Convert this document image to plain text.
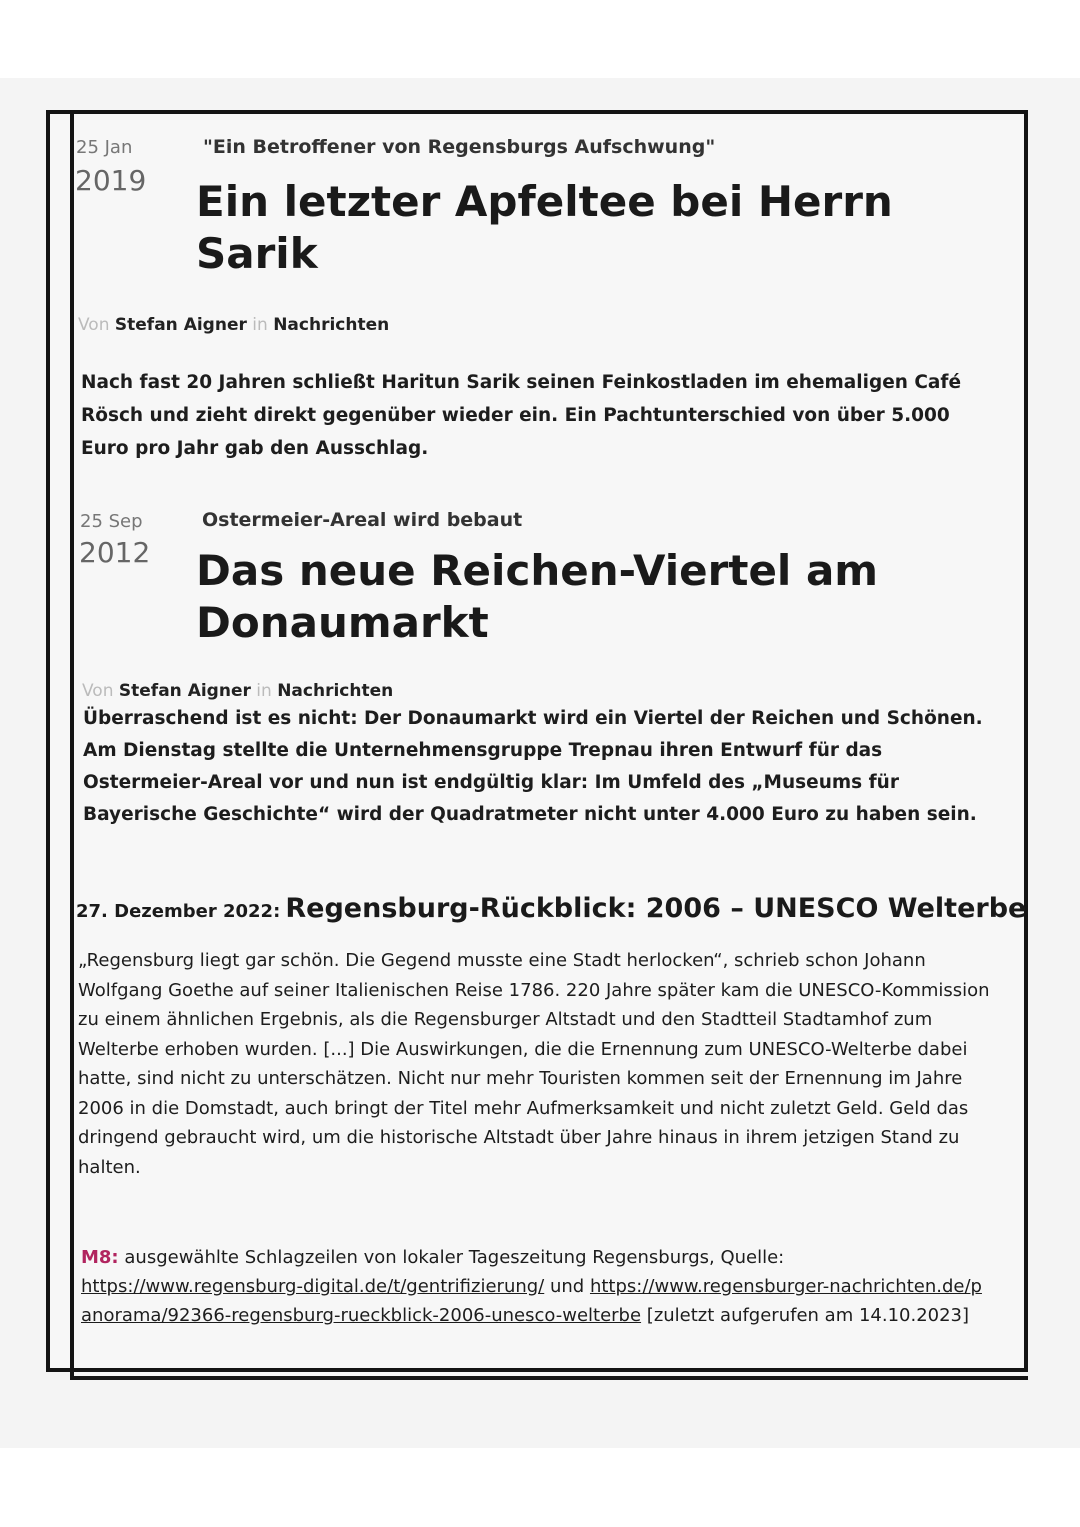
25 Jan
2019
"Ein Betroffener von Regensburgs Aufschwung"
Ein letzter Apfeltee bei Herrn Sarik
Von Stefan Aigner in Nachrichten
Nach fast 20 Jahren schließt Haritun Sarik seinen Feinkostladen im ehemaligen Café Rösch und zieht direkt gegenüber wieder ein. Ein Pachtunterschied von über 5.000 Euro pro Jahr gab den Ausschlag.
25 Sep
2012
Ostermeier-Areal wird bebaut
Das neue Reichen-Viertel am Donaumarkt
Von Stefan Aigner in Nachrichten
Überraschend ist es nicht: Der Donaumarkt wird ein Viertel der Reichen und Schönen. Am Dienstag stellte die Unternehmensgruppe Trepnau ihren Entwurf für das Ostermeier-Areal vor und nun ist endgültig klar: Im Umfeld des „Museums für Bayerische Geschichte“ wird der Quadratmeter nicht unter 4.000 Euro zu haben sein.
27. Dezember 2022: Regensburg-Rückblick: 2006 – UNESCO Welterbe
„Regensburg liegt gar schön. Die Gegend musste eine Stadt herlocken“, schrieb schon Johann Wolfgang Goethe auf seiner Italienischen Reise 1786. 220 Jahre später kam die UNESCO-Kommission zu einem ähnlichen Ergebnis, als die Regensburger Altstadt und den Stadtteil Stadtamhof zum Welterbe erhoben wurden. [...] Die Auswirkungen, die die Ernennung zum UNESCO-Welterbe dabei hatte, sind nicht zu unterschätzen. Nicht nur mehr Touristen kommen seit der Ernennung im Jahre 2006 in die Domstadt, auch bringt der Titel mehr Aufmerksamkeit und nicht zuletzt Geld. Geld das dringend gebraucht wird, um die historische Altstadt über Jahre hinaus in ihrem jetzigen Stand zu halten.
M8: ausgewählte Schlagzeilen von lokaler Tageszeitung Regensburgs, Quelle: https://www.regensburg-digital.de/t/gentrifizierung/ und https://www.regensburger-nachrichten.de/panorama/92366-regensburg-rueckblick-2006-unesco-welterbe [zuletzt aufgerufen am 14.10.2023]
